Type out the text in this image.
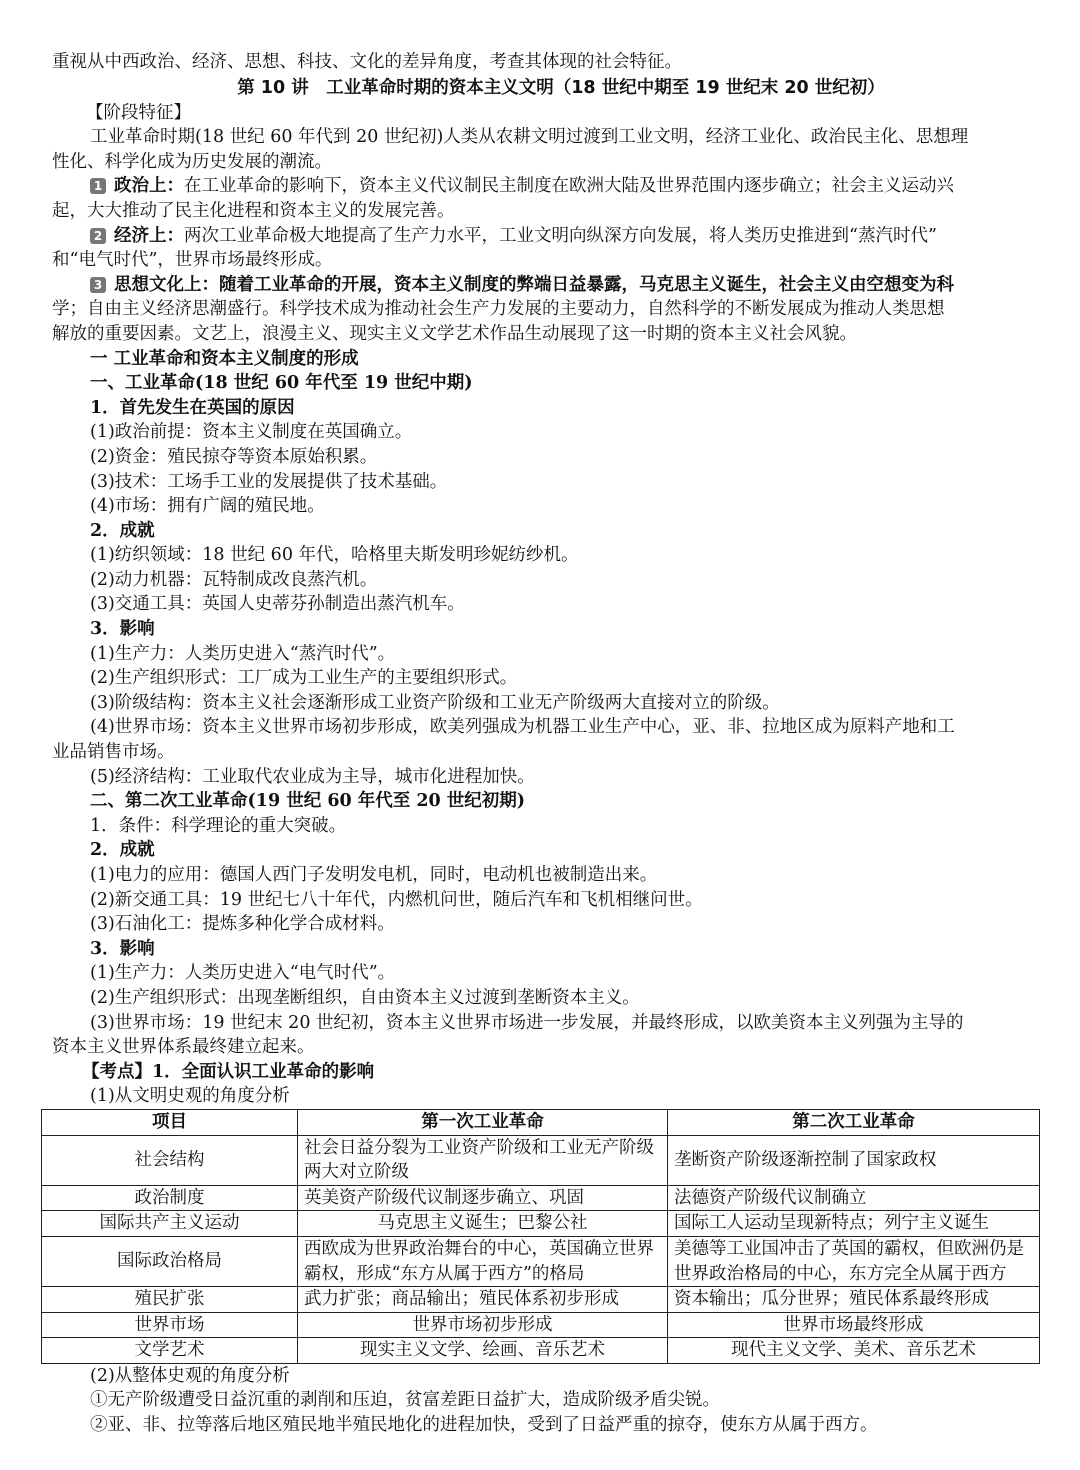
重视从中西政治、经济、思想、科技、文化的差异角度，考查其体现的社会特征。
第 10 讲　工业革命时期的资本主义文明（18 世纪中期至 19 世纪末 20 世纪初）
【阶段特征】
工业革命时期(18 世纪 60 年代到 20 世纪初)人类从农耕文明过渡到工业文明，经济工业化、政治民主化、思想理
性化、科学化成为历史发展的潮流。
1 政治上：在工业革命的影响下，资本主义代议制民主制度在欧洲大陆及世界范围内逐步确立；社会主义运动兴
起，大大推动了民主化进程和资本主义的发展完善。
2 经济上：两次工业革命极大地提高了生产力水平，工业文明向纵深方向发展，将人类历史推进到“蒸汽时代”
和“电气时代”，世界市场最终形成。
3 思想文化上：随着工业革命的开展，资本主义制度的弊端日益暴露，马克思主义诞生，社会主义由空想变为科
学；自由主义经济思潮盛行。科学技术成为推动社会生产力发展的主要动力，自然科学的不断发展成为推动人类思想
解放的重要因素。文艺上，浪漫主义、现实主义文学艺术作品生动展现了这一时期的资本主义社会风貌。
一 工业革命和资本主义制度的形成
一、工业革命(18 世纪 60 年代至 19 世纪中期)
1．首先发生在英国的原因
(1)政治前提：资本主义制度在英国确立。
(2)资金：殖民掠夺等资本原始积累。
(3)技术：工场手工业的发展提供了技术基础。
(4)市场：拥有广阔的殖民地。
2．成就
(1)纺织领域：18 世纪 60 年代，哈格里夫斯发明珍妮纺纱机。
(2)动力机器：瓦特制成改良蒸汽机。
(3)交通工具：英国人史蒂芬孙制造出蒸汽机车。
3．影响
(1)生产力：人类历史进入“蒸汽时代”。
(2)生产组织形式：工厂成为工业生产的主要组织形式。
(3)阶级结构：资本主义社会逐渐形成工业资产阶级和工业无产阶级两大直接对立的阶级。
(4)世界市场：资本主义世界市场初步形成，欧美列强成为机器工业生产中心，亚、非、拉地区成为原料产地和工
业品销售市场。
(5)经济结构：工业取代农业成为主导，城市化进程加快。
二、第二次工业革命(19 世纪 60 年代至 20 世纪初期)
1．条件：科学理论的重大突破。
2．成就
(1)电力的应用：德国人西门子发明发电机，同时，电动机也被制造出来。
(2)新交通工具：19 世纪七八十年代，内燃机问世，随后汽车和飞机相继问世。
(3)石油化工：提炼多种化学合成材料。
3．影响
(1)生产力：人类历史进入“电气时代”。
(2)生产组织形式：出现垄断组织，自由资本主义过渡到垄断资本主义。
(3)世界市场：19 世纪末 20 世纪初，资本主义世界市场进一步发展，并最终形成，以欧美资本主义列强为主导的
资本主义世界体系最终建立起来。
【考点】1．全面认识工业革命的影响
(1)从文明史观的角度分析
项目	第一次工业革命	第二次工业革命
社会结构	社会日益分裂为工业资产阶级和工业无产阶级两大对立阶级	垄断资产阶级逐渐控制了国家政权
政治制度	英美资产阶级代议制逐步确立、巩固	法德资产阶级代议制确立
国际共产主义运动	马克思主义诞生；巴黎公社	国际工人运动呈现新特点；列宁主义诞生
国际政治格局	西欧成为世界政治舞台的中心，英国确立世界霸权，形成“东方从属于西方”的格局	美德等工业国冲击了英国的霸权，但欧洲仍是世界政治格局的中心，东方完全从属于西方
殖民扩张	武力扩张；商品输出；殖民体系初步形成	资本输出；瓜分世界；殖民体系最终形成
世界市场	世界市场初步形成	世界市场最终形成
文学艺术	现实主义文学、绘画、音乐艺术	现代主义文学、美术、音乐艺术
(2)从整体史观的角度分析
①无产阶级遭受日益沉重的剥削和压迫，贫富差距日益扩大，造成阶级矛盾尖锐。
②亚、非、拉等落后地区殖民地半殖民地化的进程加快，受到了日益严重的掠夺，使东方从属于西方。
